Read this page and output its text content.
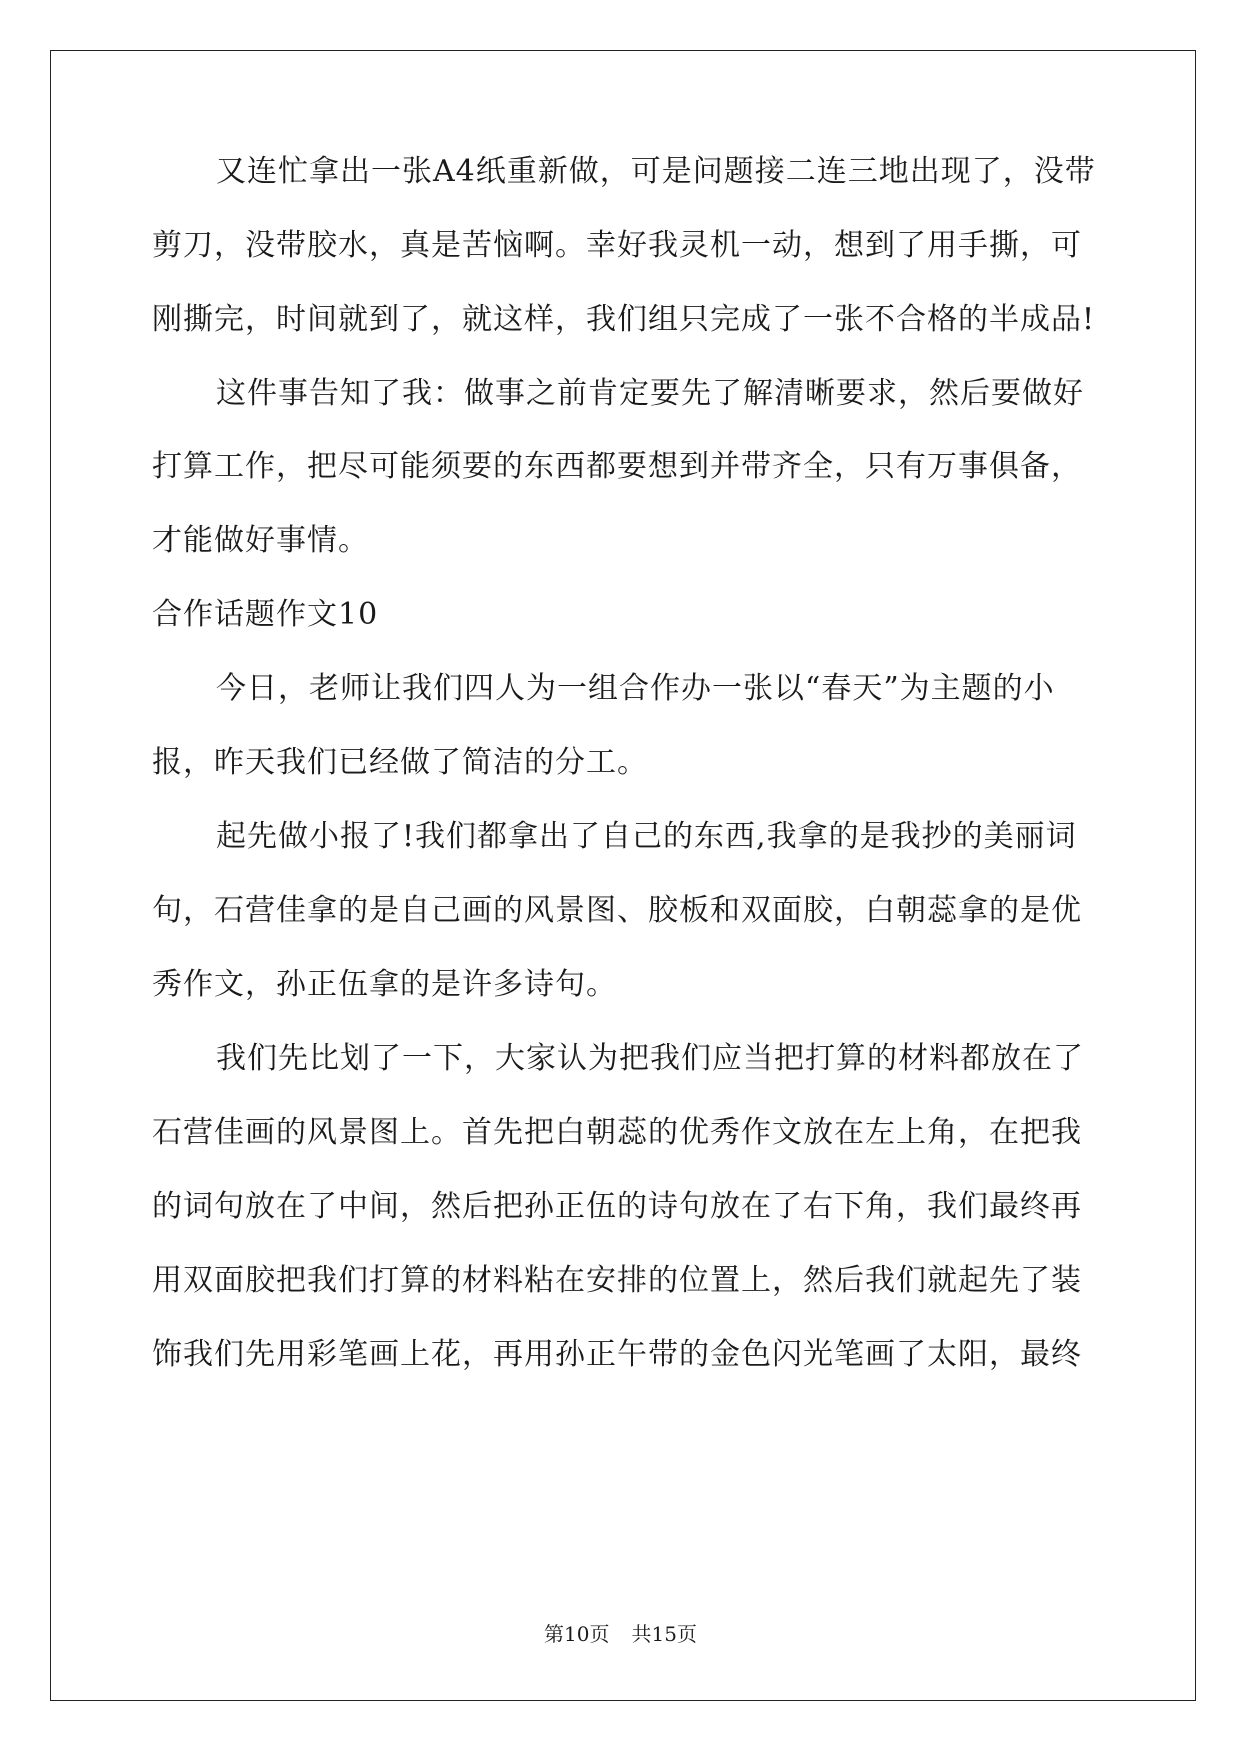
又连忙拿出一张A4纸重新做，可是问题接二连三地出现了，没带
剪刀，没带胶水，真是苦恼啊。幸好我灵机一动，想到了用手撕，可
刚撕完，时间就到了，就这样，我们组只完成了一张不合格的半成品!
这件事告知了我：做事之前肯定要先了解清晰要求，然后要做好
打算工作，把尽可能须要的东西都要想到并带齐全，只有万事俱备，
才能做好事情。
合作话题作文10
今日，老师让我们四人为一组合作办一张以“春天”为主题的小
报，昨天我们已经做了简洁的分工。
起先做小报了!我们都拿出了自己的东西,我拿的是我抄的美丽词
句，石营佳拿的是自己画的风景图、胶板和双面胶，白朝蕊拿的是优
秀作文，孙正伍拿的是许多诗句。
我们先比划了一下，大家认为把我们应当把打算的材料都放在了
石营佳画的风景图上。首先把白朝蕊的优秀作文放在左上角，在把我
的词句放在了中间，然后把孙正伍的诗句放在了右下角，我们最终再
用双面胶把我们打算的材料粘在安排的位置上，然后我们就起先了装
饰我们先用彩笔画上花，再用孙正午带的金色闪光笔画了太阳，最终
第10页 共15页
